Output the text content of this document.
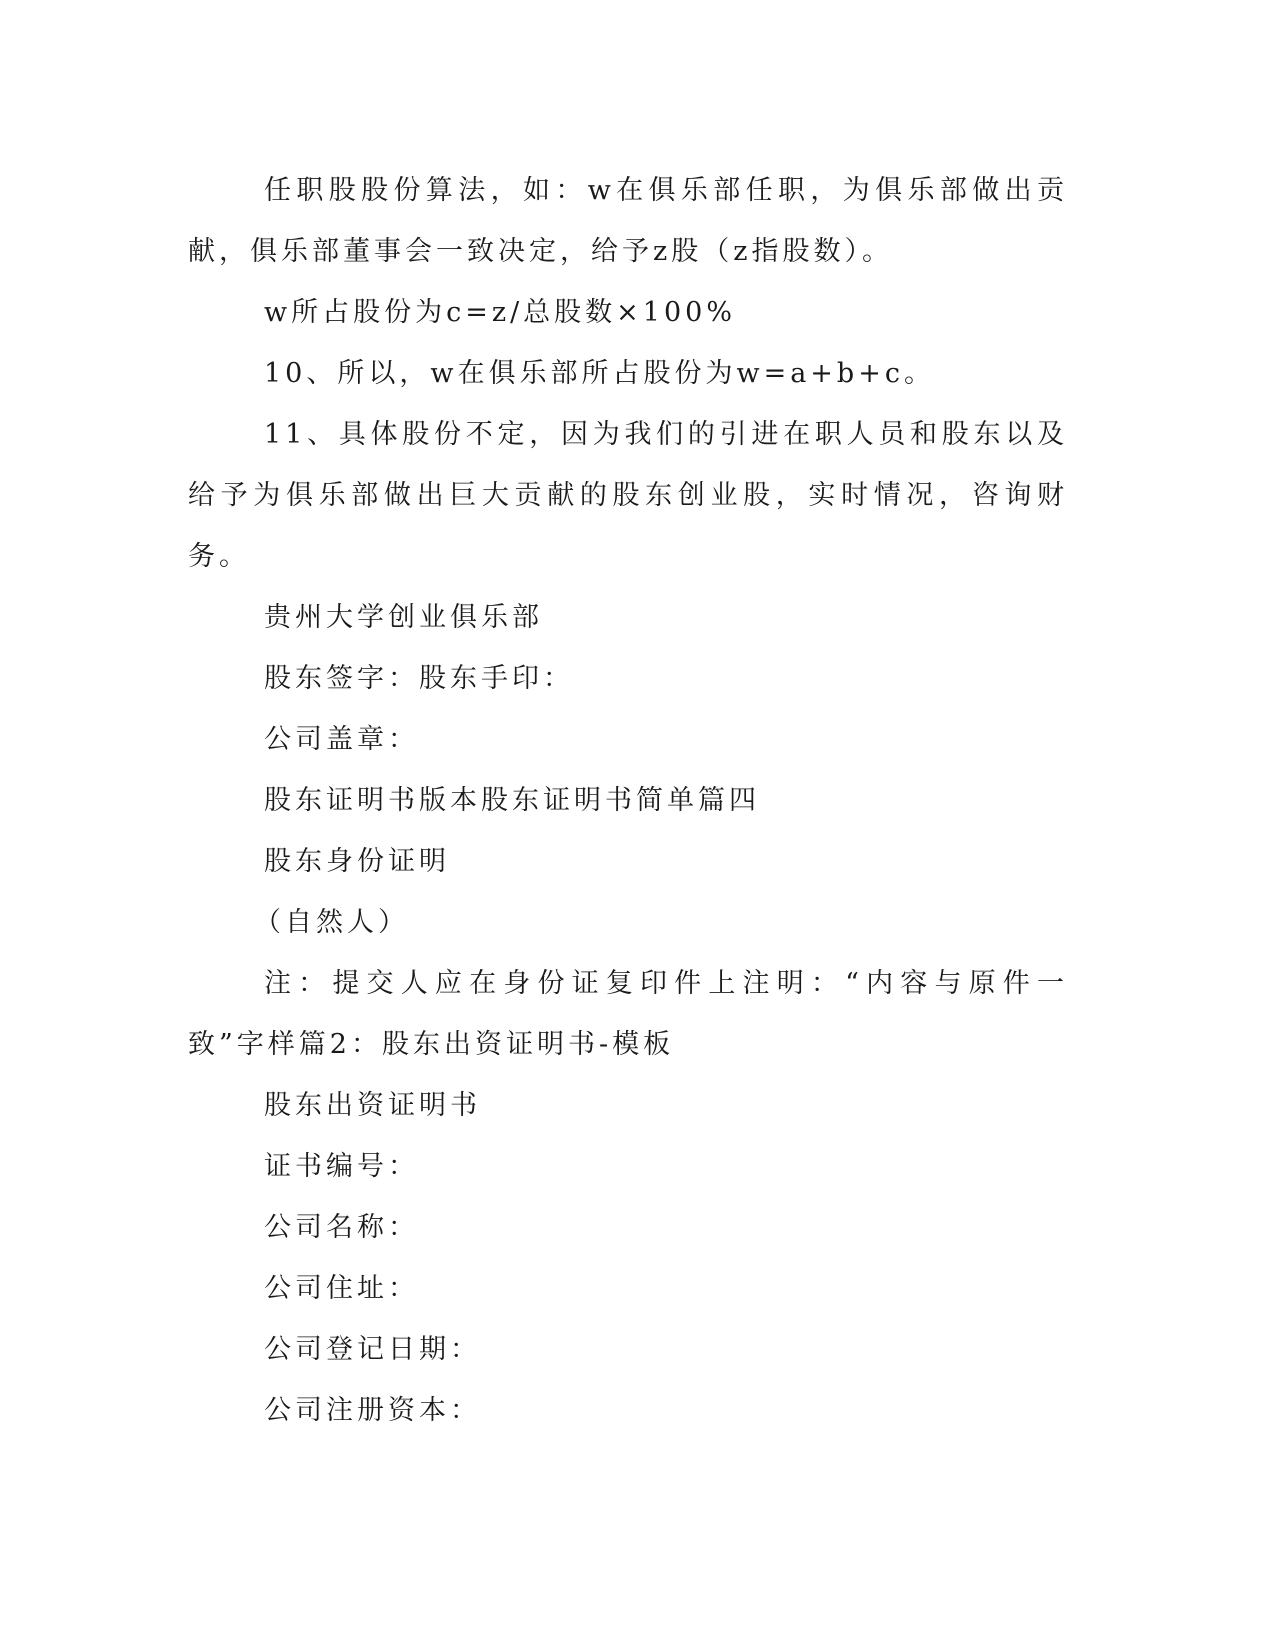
任职股股份算法，如：w在俱乐部任职，为俱乐部做出贡献，俱乐部董事会一致决定，给予z股（z指股数）。

w所占股份为c=z/总股数×100%

10、所以，w在俱乐部所占股份为w=a+b+c。

11、具体股份不定，因为我们的引进在职人员和股东以及给予为俱乐部做出巨大贡献的股东创业股，实时情况，咨询财务。

贵州大学创业俱乐部

股东签字：股东手印：

公司盖章：

股东证明书版本股东证明书简单篇四

股东身份证明

（自然人）

注：提交人应在身份证复印件上注明：“内容与原件一致”字样篇2：股东出资证明书-模板

股东出资证明书

证书编号：

公司名称：

公司住址：

公司登记日期：

公司注册资本：
